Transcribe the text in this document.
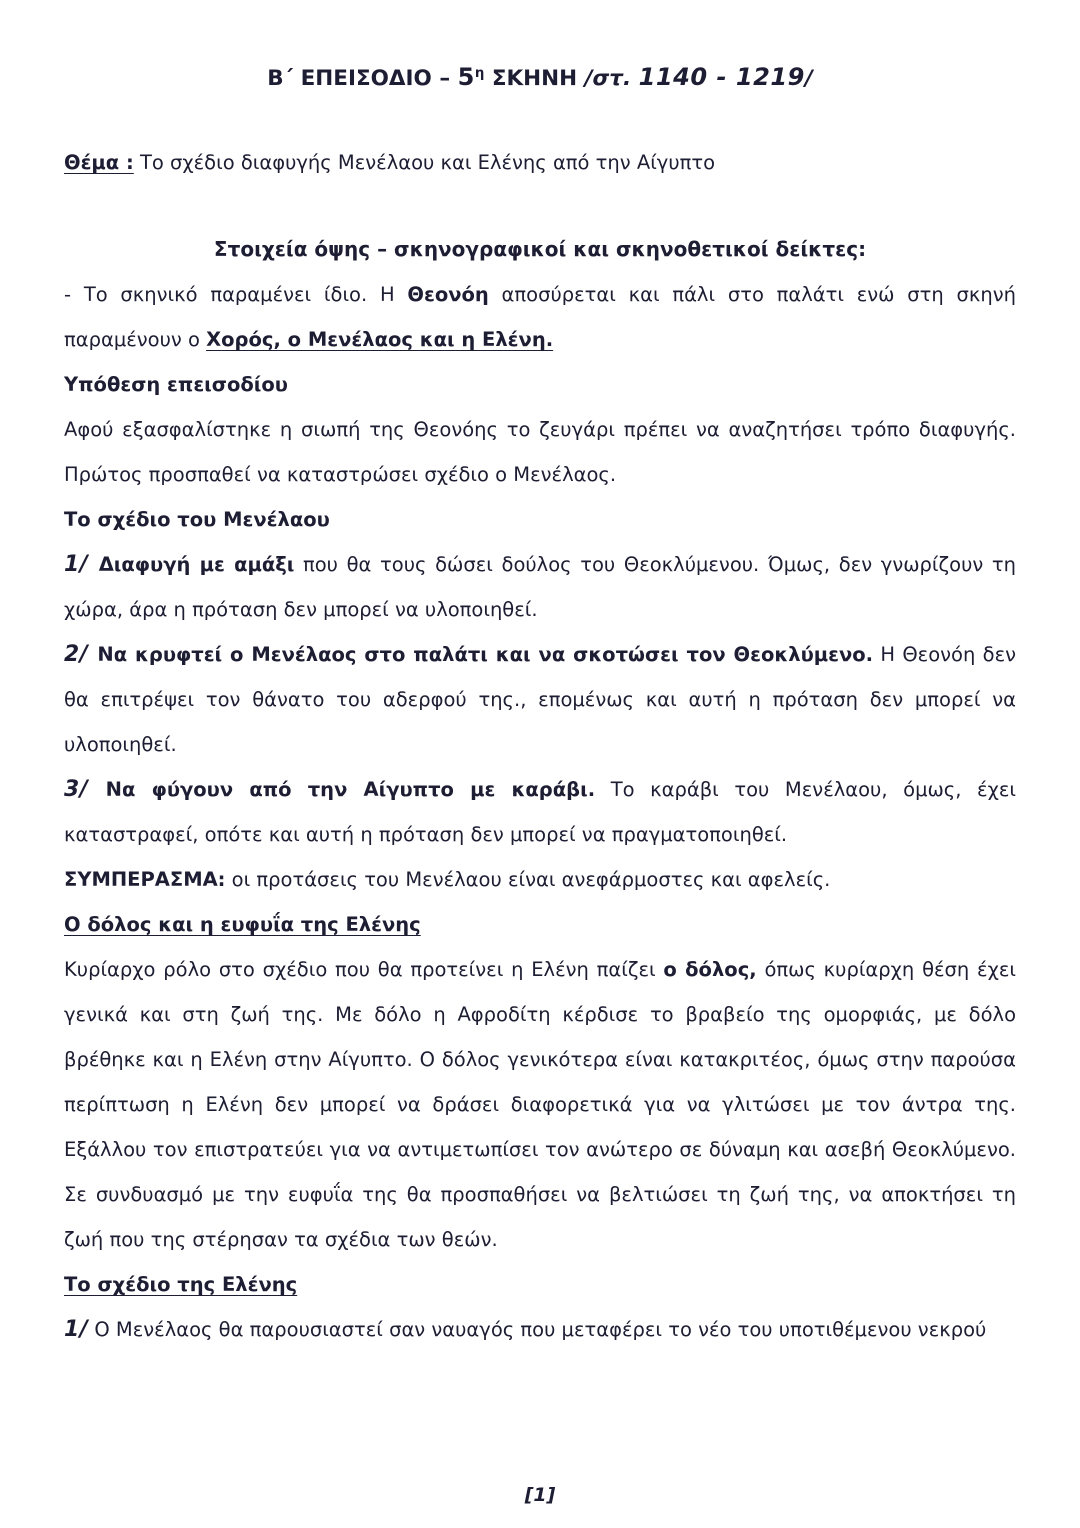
Β΄ ΕΠΕΙΣΟΔΙΟ – $5^\eta$ ΣΚΗΝΗ /στ. 1140 - 1219/

Θέμα : Το σχέδιο διαφυγής Μενέλαου και Ελένης από την Αίγυπτο

Στοιχεία όψης – σκηνογραφικοί και σκηνοθετικοί δείκτες:

- Το σκηνικό παραμένει ίδιο. Η Θεονόη αποσύρεται και πάλι στο παλάτι ενώ στη σκηνή παραμένουν ο Χορός, ο Μενέλαος και η Ελένη.

Υπόθεση επεισοδίου

Αφού εξασφαλίστηκε η σιωπή της Θεονόης το ζευγάρι πρέπει να αναζητήσει τρόπο διαφυγής. Πρώτος προσπαθεί να καταστρώσει σχέδιο ο Μενέλαος.

Το σχέδιο του Μενέλαου

1/ Διαφυγή με αμάξι που θα τους δώσει δούλος του Θεοκλύμενου. Όμως, δεν γνωρίζουν τη χώρα, άρα η πρόταση δεν μπορεί να υλοποιηθεί.

2/ Να κρυφτεί ο Μενέλαος στο παλάτι και να σκοτώσει τον Θεοκλύμενο. Η Θεονόη δεν θα επιτρέψει τον θάνατο του αδερφού της., επομένως και αυτή η πρόταση δεν μπορεί να υλοποιηθεί.

3/ Να φύγουν από την Αίγυπτο με καράβι. Το καράβι του Μενέλαου, όμως, έχει καταστραφεί, οπότε και αυτή η πρόταση δεν μπορεί να πραγματοποιηθεί.

ΣΥΜΠΕΡΑΣΜΑ: οι προτάσεις του Μενέλαου είναι ανεφάρμοστες και αφελείς.

Ο δόλος και η ευφυΐα της Ελένης

Κυρίαρχο ρόλο στο σχέδιο που θα προτείνει η Ελένη παίζει ο δόλος, όπως κυρίαρχη θέση έχει γενικά και στη ζωή της. Με δόλο η Αφροδίτη κέρδισε το βραβείο της ομορφιάς, με δόλο βρέθηκε και η Ελένη στην Αίγυπτο. Ο δόλος γενικότερα είναι κατακριτέος, όμως στην παρούσα περίπτωση η Ελένη δεν μπορεί να δράσει διαφορετικά για να γλιτώσει με τον άντρα της. Εξάλλου τον επιστρατεύει για να αντιμετωπίσει τον ανώτερο σε δύναμη και ασεβή Θεοκλύμενο. Σε συνδυασμό με την ευφυΐα της θα προσπαθήσει να βελτιώσει τη ζωή της, να αποκτήσει τη ζωή που της στέρησαν τα σχέδια των θεών.

Το σχέδιο της Ελένης

1/ Ο Μενέλαος θα παρουσιαστεί σαν ναυαγός που μεταφέρει το νέο του υποτιθέμενου νεκρού

[1]
